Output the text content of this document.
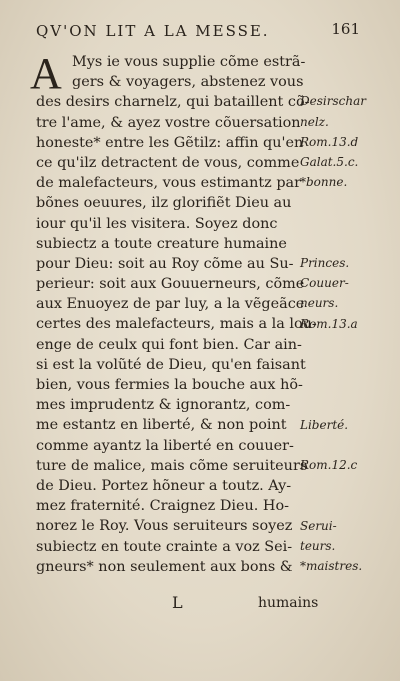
QV'ON LIT A LA MESSE.	161
A Mys ie vous supplie cõme estrã-
gers & voyagers, abstenez vous
des desirs charnelz, qui bataillent cõ-
tre l'ame, & ayez vostre cõuersation
honeste* entre les Gẽtilz: affin qu'en
ce qu'ilz detractent de vous, comme
de malefacteurs, vous estimantz par
bõnes oeuures, ilz glorifiẽt Dieu au
iour qu'il les visitera. Soyez donc
subiectz a toute creature humaine
pour Dieu: soit au Roy cõme au Su-
perieur: soit aux Gouuerneurs, cõme
aux Enuoyez de par luy, a la vẽgeãce
certes des malefacteurs, mais a la lou-
enge de ceulx qui font bien. Car ain-
si est la volũté de Dieu, qu'en faisant
bien, vous fermies la bouche aux hõ-
mes imprudentz & ignorantz, com-
me estantz en liberté, & non point
comme ayantz la liberté en couuer-
ture de malice, mais cõme seruiteurs
de Dieu. Portez hõneur a toutz. Ay-
mez fraternité. Craignez Dieu. Ho-
norez le Roy. Vous seruiteurs soyez
subiectz en toute crainte a voz Sei-
gneurs* non seulement aux bons &
Desirschar
nelz.
Rom.13.d
Galat.5.c.
*bonne.
Princes.
Couuer-
neurs.
Rom.13.a
Liberté.
Rom.12.c
Serui-
teurs.
*maistres.
L	humains
